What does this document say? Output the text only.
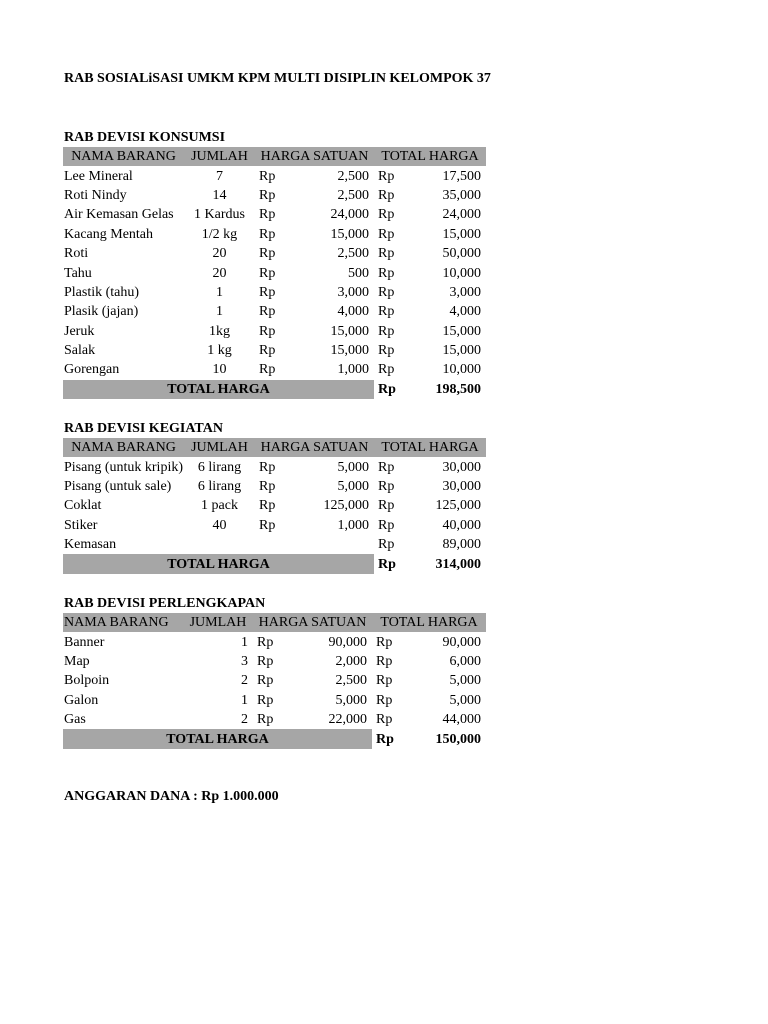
RAB SOSIALiSASI UMKM KPM MULTI DISIPLIN KELOMPOK 37
RAB DEVISI KONSUMSI
NAMA BARANG	JUMLAH	HARGA SATUAN		TOTAL HARGA	
Lee Mineral	7	Rp	2,500	Rp	17,500
Roti Nindy	14	Rp	2,500	Rp	35,000
Air Kemasan Gelas	1 Kardus	Rp	24,000	Rp	24,000
Kacang Mentah	1/2 kg	Rp	15,000	Rp	15,000
Roti	20	Rp	2,500	Rp	50,000
Tahu	20	Rp	500	Rp	10,000
Plastik (tahu)	1	Rp	3,000	Rp	3,000
Plasik (jajan)	1	Rp	4,000	Rp	4,000
Jeruk	1kg	Rp	15,000	Rp	15,000
Salak	1 kg	Rp	15,000	Rp	15,000
Gorengan	10	Rp	1,000	Rp	10,000
TOTAL HARGA				Rp	198,500
RAB DEVISI KEGIATAN
NAMA BARANG	JUMLAH	HARGA SATUAN		TOTAL HARGA	
Pisang (untuk kripik)	6 lirang	Rp	5,000	Rp	30,000
Pisang (untuk sale)	6 lirang	Rp	5,000	Rp	30,000
Coklat	1 pack	Rp	125,000	Rp	125,000
Stiker	40	Rp	1,000	Rp	40,000
Kemasan				Rp	89,000
TOTAL HARGA				Rp	314,000
RAB DEVISI PERLENGKAPAN
NAMA BARANG	JUMLAH	HARGA SATUAN		TOTAL HARGA	
Banner	1	Rp	90,000	Rp	90,000
Map	3	Rp	2,000	Rp	6,000
Bolpoin	2	Rp	2,500	Rp	5,000
Galon	1	Rp	5,000	Rp	5,000
Gas	2	Rp	22,000	Rp	44,000
TOTAL HARGA				Rp	150,000
ANGGARAN DANA : Rp 1.000.000
